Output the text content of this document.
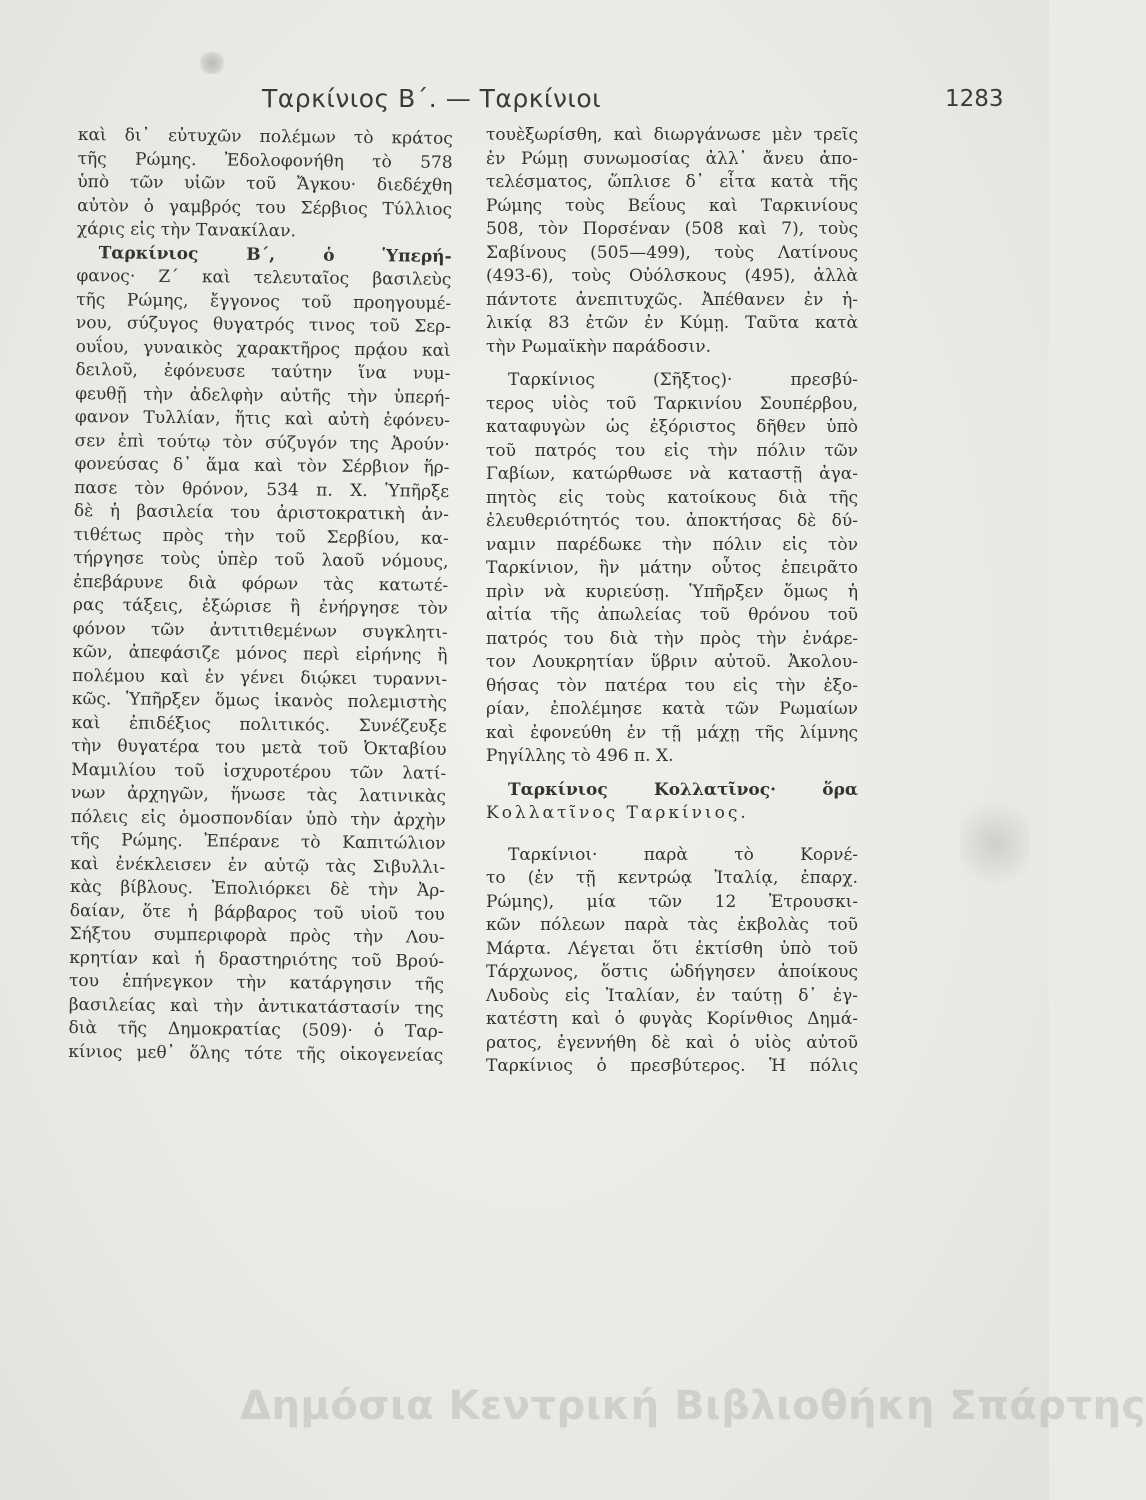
Ταρκίνιος Β΄. — Ταρκίνιοι	1283
καὶ δι᾽ εὐτυχῶν πολέμων τὸ κράτος
τῆς Ρώμης. Ἐδολοφονήθη τὸ 578
ὑπὸ τῶν υἱῶν τοῦ Ἄγκου· διεδέχθη
αὐτὸν ὁ γαμβρός του Σέρβιος Τύλλιος
χάρις εἰς τὴν Τανακίλαν.
Ταρκίνιος Β΄, ὁ Ὑπερή-
φανος· Ζ΄ καὶ τελευταῖος βασιλεὺς
τῆς Ρώμης, ἔγγονος τοῦ προηγουμέ-
νου, σύζυγος θυγατρός τινος τοῦ Σερ-
ουΐου, γυναικὸς χαρακτῆρος πρᾴου καὶ
δειλοῦ, ἐφόνευσε ταύτην ἵνα νυμ-
φευθῇ τὴν ἀδελφὴν αὐτῆς τὴν ὑπερή-
φανον Τυλλίαν, ἥτις καὶ αὐτὴ ἐφόνευ-
σεν ἐπὶ τούτῳ τὸν σύζυγόν της Ἀρούν·
φονεύσας δ᾽ ἅμα καὶ τὸν Σέρβιον ἥρ-
πασε τὸν θρόνον, 534 π. Χ. Ὑπῆρξε
δὲ ἡ βασιλεία του ἀριστοκρατικὴ ἀν-
τιθέτως πρὸς τὴν τοῦ Σερβίου, κα-
τήργησε τοὺς ὑπὲρ τοῦ λαοῦ νόμους,
ἐπεβάρυνε διὰ φόρων τὰς κατωτέ-
ρας τάξεις, ἐξώρισε ἢ ἐνήργησε τὸν
φόνον τῶν ἀντιτιθεμένων συγκλητι-
κῶν, ἀπεφάσιζε μόνος περὶ εἰρήνης ἢ
πολέμου καὶ ἐν γένει διῴκει τυραννι-
κῶς. Ὑπῆρξεν ὅμως ἱκανὸς πολεμιστὴς
καὶ ἐπιδέξιος πολιτικός. Συνέζευξε
τὴν θυγατέρα του μετὰ τοῦ Ὀκταβίου
Μαμιλίου τοῦ ἰσχυροτέρου τῶν λατί-
νων ἀρχηγῶν, ἥνωσε τὰς λατινικὰς
πόλεις εἰς ὁμοσπονδίαν ὑπὸ τὴν ἀρχὴν
τῆς Ρώμης. Ἐπέρανε τὸ Καπιτώλιον
καὶ ἐνέκλεισεν ἐν αὐτῷ τὰς Σιβυλλι-
κὰς βίβλους. Ἐπολιόρκει δὲ τὴν Ἀρ-
δαίαν, ὅτε ἡ βάρβαρος τοῦ υἱοῦ του
Σήξτου συμπεριφορὰ πρὸς τὴν Λου-
κρητίαν καὶ ἡ δραστηριότης τοῦ Βρού-
του ἐπήνεγκον τὴν κατάργησιν τῆς
βασιλείας καὶ τὴν ἀντικατάστασίν της
διὰ τῆς Δημοκρατίας (509)· ὁ Ταρ-
κίνιος μεθ᾽ ὅλης τότε τῆς οἰκογενείας
τουὲξωρίσθη, καὶ διωργάνωσε μὲν τρεῖς
ἐν Ρώμῃ συνωμοσίας ἀλλ᾽ ἄνευ ἀπο-
τελέσματος, ὥπλισε δ᾽ εἶτα κατὰ τῆς
Ρώμης τοὺς Βεΐους καὶ Ταρκινίους
508, τὸν Πορσέναν (508 καὶ 7), τοὺς
Σαβίνους (505—499), τοὺς Λατίνους
(493-6), τοὺς Οὐόλσκους (495), ἀλλὰ
πάντοτε ἀνεπιτυχῶς. Ἀπέθανεν ἐν ἡ-
λικίᾳ 83 ἐτῶν ἐν Κύμῃ. Ταῦτα κατὰ
τὴν Ρωμαϊκὴν παράδοσιν.
Ταρκίνιος (Σῆξτος)· πρεσβύ-
τερος υἱὸς τοῦ Ταρκινίου Σουπέρβου,
καταφυγὼν ὡς ἐξόριστος δῆθεν ὑπὸ
τοῦ πατρός του εἰς τὴν πόλιν τῶν
Γαβίων, κατώρθωσε νὰ καταστῇ ἀγα-
πητὸς εἰς τοὺς κατοίκους διὰ τῆς
ἐλευθεριότητός του. ἀποκτήσας δὲ δύ-
ναμιν παρέδωκε τὴν πόλιν εἰς τὸν
Ταρκίνιον, ἣν μάτην οὗτος ἐπειρᾶτο
πρὶν νὰ κυριεύσῃ. Ὑπῆρξεν ὅμως ἡ
αἰτία τῆς ἀπωλείας τοῦ θρόνου τοῦ
πατρός του διὰ τὴν πρὸς τὴν ἐνάρε-
τον Λουκρητίαν ὕβριν αὐτοῦ. Ἀκολου-
θήσας τὸν πατέρα του εἰς τὴν ἐξο-
ρίαν, ἐπολέμησε κατὰ τῶν Ρωμαίων
καὶ ἐφονεύθη ἐν τῇ μάχῃ τῆς λίμνης
Ρηγίλλης τὸ 496 π. Χ.
Ταρκίνιος Κολλατῖνος· ὅρα
Κολλατῖνος Ταρκίνιος.
Ταρκίνιοι· παρὰ τὸ Κορνέ-
το (ἐν τῇ κεντρώᾳ Ἰταλίᾳ, ἐπαρχ.
Ρώμης), μία τῶν 12 Ἐτρουσκι-
κῶν πόλεων παρὰ τὰς ἐκβολὰς τοῦ
Μάρτα. Λέγεται ὅτι ἐκτίσθη ὑπὸ τοῦ
Τάρχωνος, ὅστις ὡδήγησεν ἀποίκους
Λυδοὺς εἰς Ἰταλίαν, ἐν ταύτῃ δ᾽ ἐγ-
κατέστη καὶ ὁ φυγὰς Κορίνθιος Δημά-
ρατος, ἐγεννήθη δὲ καὶ ὁ υἱὸς αὐτοῦ
Ταρκίνιος ὁ πρεσβύτερος. Ἡ πόλις
Δημόσια Κεντρική Βιβλιοθήκη Σπάρτης
